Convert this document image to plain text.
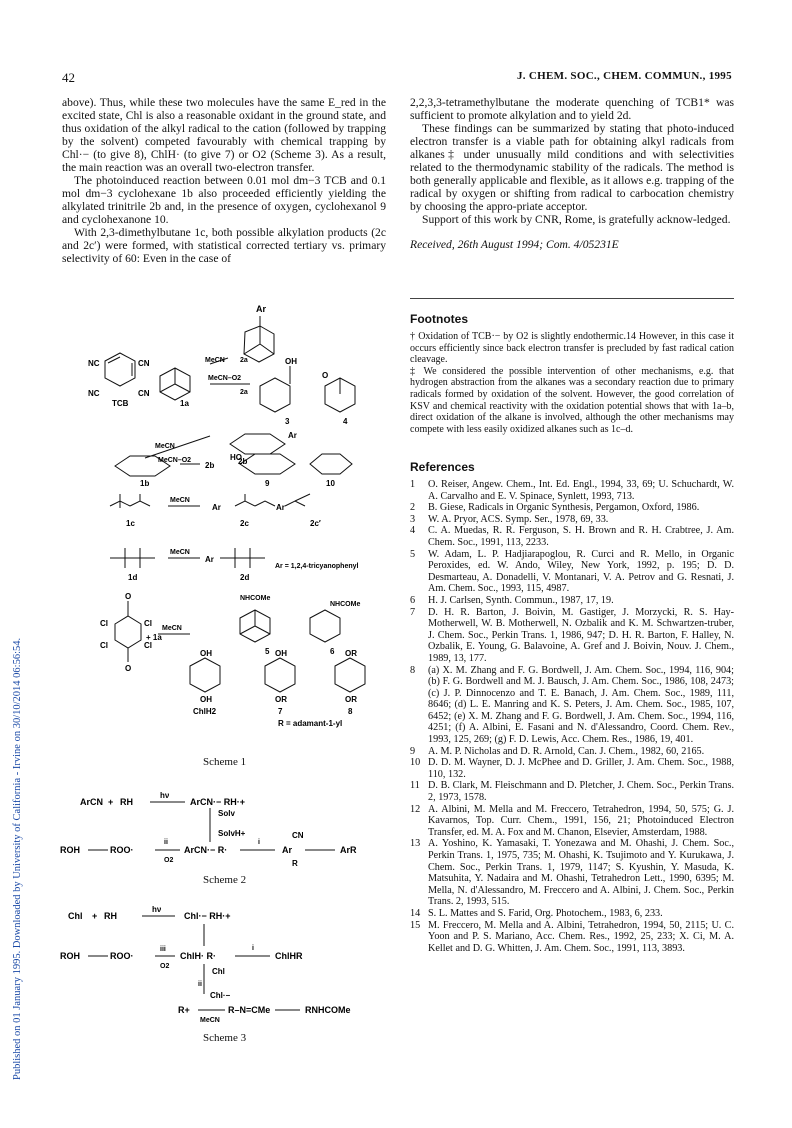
Published on 01 January 1995. Downloaded by University of California - Irvine on 30/10/2014 06:56:54.
42	J. CHEM. SOC., CHEM. COMMUN., 1995

above). Thus, while these two molecules have the same E_red in the excited state, Chl is also a reasonable oxidant in the ground state, and thus oxidation of the alkyl radical to the cation (followed by trapping by the solvent) competed favourably with chemical trapping by Chl·− (to give 8), ChlH· (to give 7) or O2 (Scheme 3). As a result, the main reaction was an overall two-electron transfer.

The photoinduced reaction between 0.01 mol dm−3 TCB and 0.1 mol dm−3 cyclohexane 1b also proceeded efficiently yielding the alkylated trinitrile 2b and, in the presence of oxygen, cyclohexanol 9 and cyclohexanone 10.

With 2,3-dimethylbutane 1c, both possible alkylation products (2c and 2c′) were formed, with statistical corrected tertiary vs. primary selectivity of 60: Even in the case of

2,2,3,3-tetramethylbutane the moderate quenching of TCB1* was sufficient to promote alkylation and to yield 2d.

These findings can be summarized by stating that photo-induced electron transfer is a viable path for obtaining alkyl radicals from alkanes‡ under unusually mild conditions and with selectivities related to the thermodynamic stability of the radicals. The method is both generally applicable and flexible, as it allows e.g. trapping of the radical by oxygen or shifting from radical to carbocation chemistry by choosing the appro-priate acceptor.

Support of this work by CNR, Rome, is gratefully acknow-ledged.

Received, 26th August 1994; Com. 4/05231E

Footnotes

† Oxidation of TCB·− by O2 is slightly endothermic.14 However, in this case it occurs efficiently since back electron transfer is precluded by fast radical cation cleavage.

‡ We considered the possible intervention of other mechanisms, e.g. that hydrogen abstraction from the alkanes was a secondary reaction due to primary radicals formed by oxidation of the solvent. However, the good correlation of KSV and chemical reactivity with the oxidation potential shows that with 1a–b, direct oxidation of the alkane is involved, although the other mechanisms may compete with less easily oxidized alkanes such as 1c–d.

References
1 O. Reiser, Angew. Chem., Int. Ed. Engl., 1994, 33, 69; U. Schuchardt, W. A. Carvalho and E. V. Spinace, Synlett, 1993, 713.
2 B. Giese, Radicals in Organic Synthesis, Pergamon, Oxford, 1986.
3 W. A. Pryor, ACS. Symp. Ser., 1978, 69, 33.
4 C. A. Muedas, R. R. Ferguson, S. H. Brown and R. H. Crabtree, J. Am. Chem. Soc., 1991, 113, 2233.
5 W. Adam, L. P. Hadjiarapoglou, R. Curci and R. Mello, in Organic Peroxides, ed. W. Ando, Wiley, New York, 1992, p. 195; D. D. Desmarteau, A. Donadelli, V. Montanari, V. A. Petrov and G. Resnati, J. Am. Chem. Soc., 1993, 115, 4987.
6 H. J. Carlsen, Synth. Commun., 1987, 17, 19.
7 D. H. R. Barton, J. Boivin, M. Gastiger, J. Morzycki, R. S. Hay-Motherwell, W. B. Motherwell, N. Ozbalik and K. M. Schwartzen-truber, J. Chem. Soc., Perkin Trans. 1, 1986, 947; D. H. R. Barton, F. Halley, N. Ozbalik, E. Young, G. Balavoine, A. Gref and J. Boivin, Nouv. J. Chem., 1989, 13, 177.
8 (a) X. M. Zhang and F. G. Bordwell, J. Am. Chem. Soc., 1994, 116, 904; (b) F. G. Bordwell and M. J. Bausch, J. Am. Chem. Soc., 1986, 108, 2473; (c) J. P. Dinnocenzo and T. E. Banach, J. Am. Chem. Soc., 1989, 111, 8646; (d) L. E. Manring and K. S. Peters, J. Am. Chem. Soc., 1985, 107, 6452; (e) X. M. Zhang and F. G. Bordwell, J. Am. Chem. Soc., 1994, 116, 4251; (f) A. Albini, E. Fasani and N. d'Alessandro, Coord. Chem. Rev., 1993, 125, 269; (g) F. D. Lewis, Acc. Chem. Res., 1986, 19, 401.
9 A. M. P. Nicholas and D. R. Arnold, Can. J. Chem., 1982, 60, 2165.
10 D. D. M. Wayner, D. J. McPhee and D. Griller, J. Am. Chem. Soc., 1988, 110, 132.
11 D. B. Clark, M. Fleischmann and D. Pletcher, J. Chem. Soc., Perkin Trans. 2, 1973, 1578.
12 A. Albini, M. Mella and M. Freccero, Tetrahedron, 1994, 50, 575; G. J. Kavarnos, Top. Curr. Chem., 1991, 156, 21; Photoinduced Electron Transfer, ed. M. A. Fox and M. Chanon, Elsevier, Amsterdam, 1988.
13 A. Yoshino, K. Yamasaki, T. Yonezawa and M. Ohashi, J. Chem. Soc., Perkin Trans. 1, 1975, 735; M. Ohashi, K. Tsujimoto and Y. Kurukawa, J. Chem. Soc., Perkin Trans. 1, 1979, 1147; S. Kyushin, Y. Masuda, K. Matsuhita, Y. Nadaira and M. Ohashi, Tetrahedron Lett., 1990, 6395; M. Mella, N. d'Alessandro, M. Freccero and A. Albini, J. Chem. Soc., Perkin Trans. 2, 1993, 515.
14 S. L. Mattes and S. Farid, Org. Photochem., 1983, 6, 233.
15 M. Freccero, M. Mella and A. Albini, Tetrahedron, 1994, 50, 2115; U. C. Yoon and P. S. Mariano, Acc. Chem. Res., 1992, 25, 233; X. Ci, M. A. Kellet and D. G. Whitten, J. Am. Chem. Soc., 1991, 113, 3893.
Ar
NC	CN
NC	CN
TCB	1a
MeCN 2a
MeCN–O2
2a
OH
O
3	4
MeCN
Ar
2b
MeCN–O2
1b
2b
HO
9	10
MeCN
Ar	Ar
1c	2c	2c′
MeCN
Ar
1d	2d
Ar = 1,2,4-tricyanophenyl
NHCOMe
NHCOMe
5	6
MeCN
+ 1a
Cl	Cl
Cl	Cl
O
O
OH	OH	OR
OH	OR	OR
ChlH2	7	8
R = adamant-1-yl
Scheme 1
ArCN + RH
hν
ArCN·− RH·+
Solv
SolvH+
ROH	ROO·
ii
O2
ArCN·− R·
i
CN
Ar
R
ArR
Scheme 2
Chl + RH
hν
Chl·− RH·+
ROH	ROO·
iii
O2
ChlH· R·
i
ChlHR
Chl
ii
Chl·−
R+
MeCN
R–N=CMe	RNHCOMe
Scheme 3
